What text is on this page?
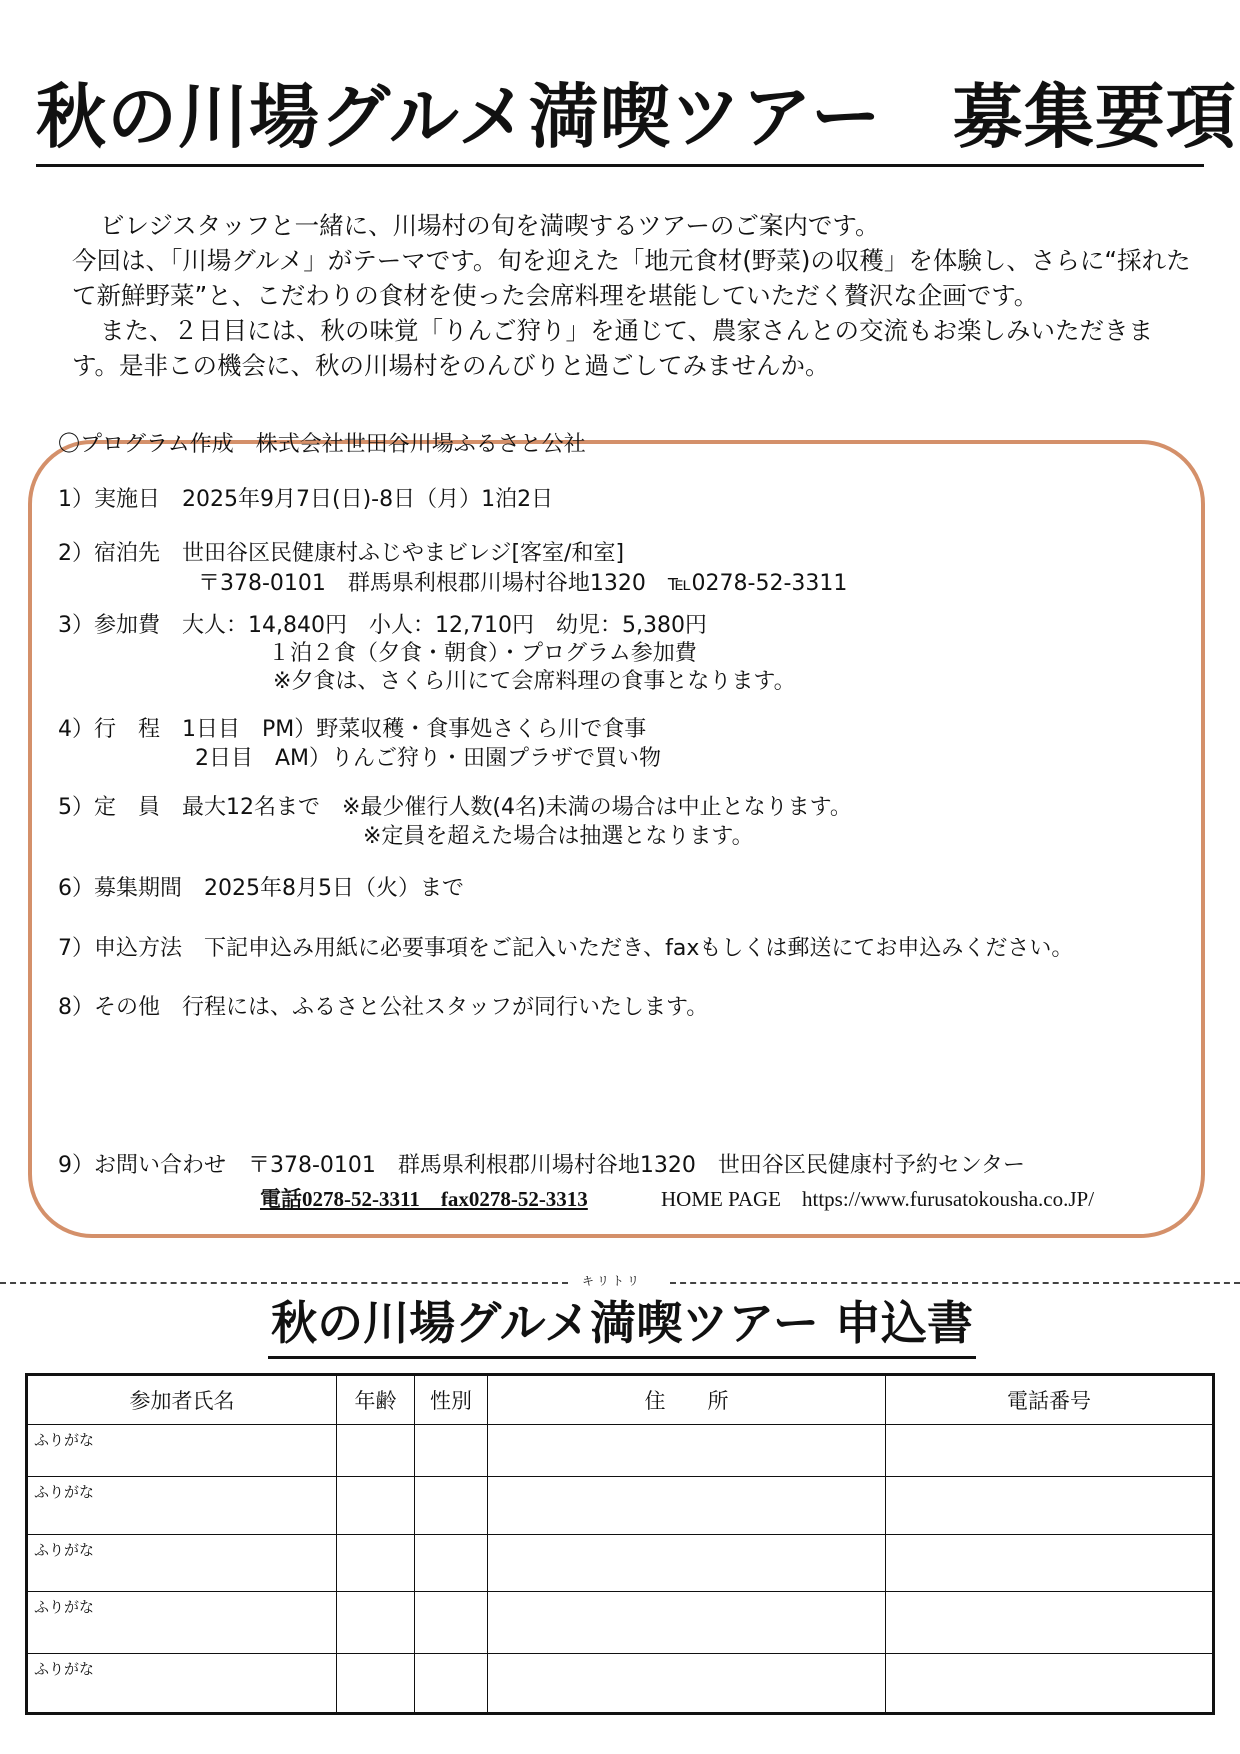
秋の川場グルメ満喫ツアー　募集要項

ビレジスタッフと一緒に、川場村の旬を満喫するツアーのご案内です。

今回は、「川場グルメ」がテーマです。旬を迎えた「地元食材(野菜)の収穫」を体験し、さらに“採れたて新鮮野菜”と、こだわりの食材を使った会席料理を堪能していただく贅沢な企画です。

また、２日目には、秋の味覚「りんご狩り」を通じて、農家さんとの交流もお楽しみいただきます。是非この機会に、秋の川場村をのんびりと過ごしてみませんか。

〇プログラム作成　株式会社世田谷川場ふるさと公社
1）実施日　2025年9月7日(日)-8日（月）1泊2日
2）宿泊先　世田谷区民健康村ふじやまビレジ[客室/和室]
〒378-0101　群馬県利根郡川場村谷地1320　℡0278-52-3311
3）参加費　大人：14,840円　小人：12,710円　幼児：5,380円
１泊２食（夕食・朝食）・プログラム参加費
※夕食は、さくら川にて会席料理の食事となります。
4）行　程　1日目　PM）野菜収穫・食事処さくら川で食事
2日目　AM）りんご狩り・田園プラザで買い物
5）定　員　最大12名まで　※最少催行人数(4名)未満の場合は中止となります。
※定員を超えた場合は抽選となります。
6）募集期間　2025年8月5日（火）まで
7）申込方法　下記申込み用紙に必要事項をご記入いただき、faxもしくは郵送にてお申込みください。
8）その他　行程には、ふるさと公社スタッフが同行いたします。
9）お問い合わせ　〒378-0101　群馬県利根郡川場村谷地1320　世田谷区民健康村予約センター
電話0278-52-3311　fax0278-52-3313	HOME PAGE　https://www.furusatokousha.co.JP/
キリトリ
秋の川場グルメ満喫ツアー 申込書
参加者氏名	年齢	性別	住　　所	電話番号

ふりがな				

ふりがな				

ふりがな				

ふりがな				

ふりがな				
